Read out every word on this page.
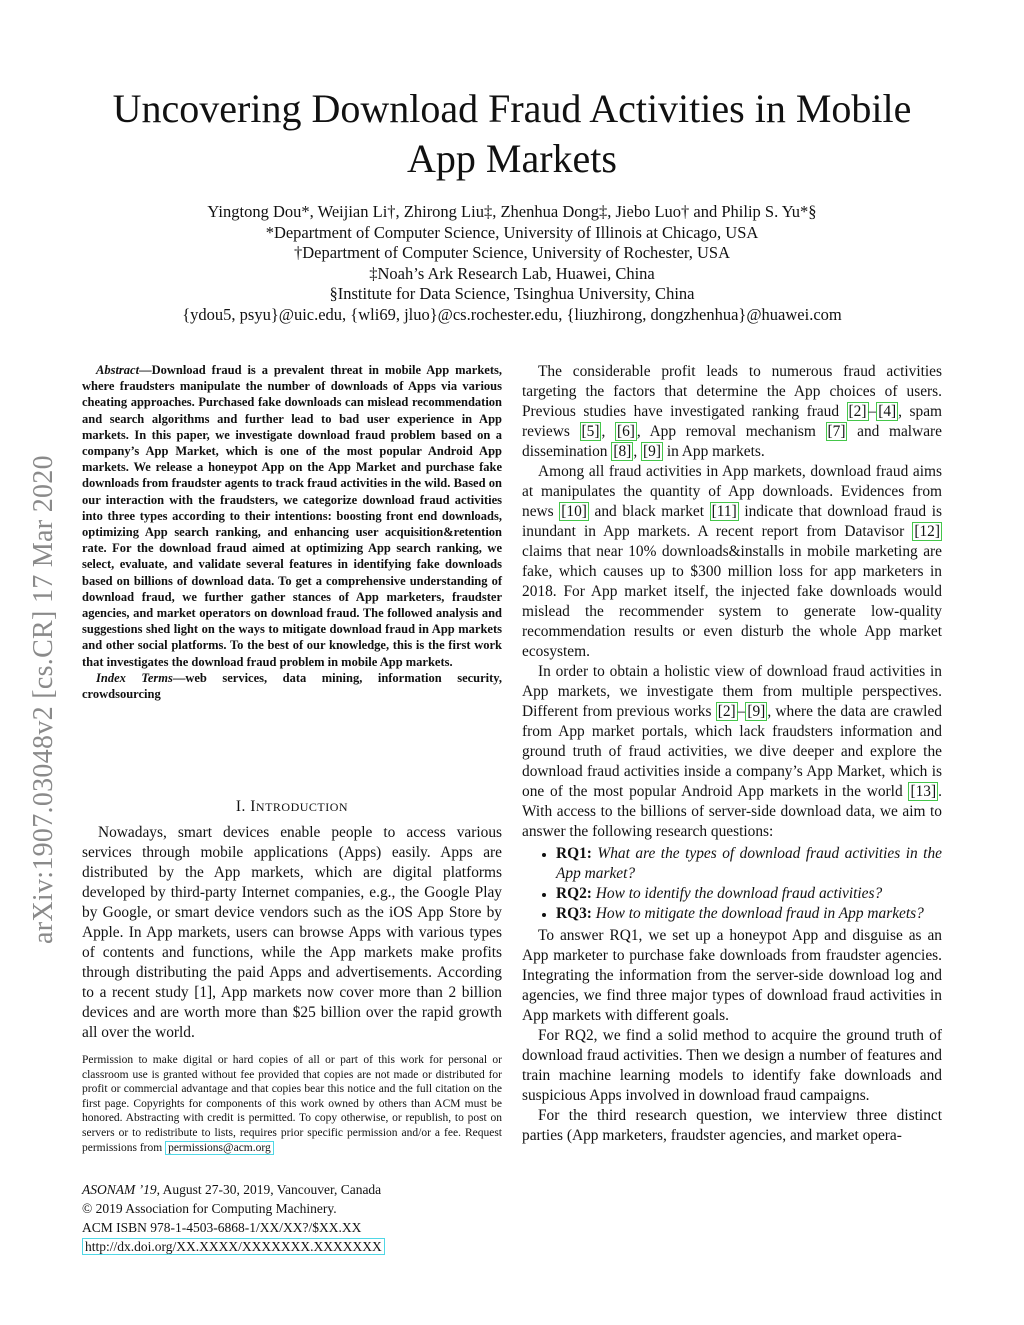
arXiv:1907.03048v2 [cs.CR] 17 Mar 2020
Uncovering Download Fraud Activities in Mobile
App Markets
Yingtong Dou*, Weijian Li†, Zhirong Liu‡, Zhenhua Dong‡, Jiebo Luo† and Philip S. Yu*§
*Department of Computer Science, University of Illinois at Chicago, USA
†Department of Computer Science, University of Rochester, USA
‡Noah’s Ark Research Lab, Huawei, China
§Institute for Data Science, Tsinghua University, China
{ydou5, psyu}@uic.edu, {wli69, jluo}@cs.rochester.edu, {liuzhirong, dongzhenhua}@huawei.com

Abstract—Download fraud is a prevalent threat in mobile App markets, where fraudsters manipulate the number of downloads of Apps via various cheating approaches. Purchased fake downloads can mislead recommendation and search algorithms and further lead to bad user experience in App markets. In this paper, we investigate download fraud problem based on a company’s App Market, which is one of the most popular Android App markets. We release a honeypot App on the App Market and purchase fake downloads from fraudster agents to track fraud activities in the wild. Based on our interaction with the fraudsters, we categorize download fraud activities into three types according to their intentions: boosting front end downloads, optimizing App search ranking, and enhancing user acquisition&retention rate. For the download fraud aimed at optimizing App search ranking, we select, evaluate, and validate several features in identifying fake downloads based on billions of download data. To get a comprehensive understanding of download fraud, we further gather stances of App marketers, fraudster agencies, and market operators on download fraud. The followed analysis and suggestions shed light on the ways to mitigate download fraud in App markets and other social platforms. To the best of our knowledge, this is the first work that investigates the download fraud problem in mobile App markets.

Index Terms—web services, data mining, information security, crowdsourcing

I. INTRODUCTION

Nowadays, smart devices enable people to access various services through mobile applications (Apps) easily. Apps are distributed by the App markets, which are digital platforms developed by third-party Internet companies, e.g., the Google Play by Google, or smart device vendors such as the iOS App Store by Apple. In App markets, users can browse Apps with various types of contents and functions, while the App markets make profits through distributing the paid Apps and advertisements. According to a recent study [1], App markets now cover more than 2 billion devices and are worth more than $25 billion over the rapid growth all over the world.

Permission to make digital or hard copies of all or part of this work for personal or classroom use is granted without fee provided that copies are not made or distributed for profit or commercial advantage and that copies bear this notice and the full citation on the first page. Copyrights for components of this work owned by others than ACM must be honored. Abstracting with credit is permitted. To copy otherwise, or republish, to post on servers or to redistribute to lists, requires prior specific permission and/or a fee. Request permissions from permissions@acm.org
ASONAM ’19, August 27-30, 2019, Vancouver, Canada
© 2019 Association for Computing Machinery.
ACM ISBN 978-1-4503-6868-1/XX/XX?/$XX.XX
http://dx.doi.org/XX.XXXX/XXXXXXX.XXXXXXX

The considerable profit leads to numerous fraud activities targeting the factors that determine the App choices of users. Previous studies have investigated ranking fraud [2] – [4] , spam reviews [5] , [6] , App removal mechanism [7] and malware dissemination [8] , [9] in App markets.

Among all fraud activities in App markets, download fraud aims at manipulates the quantity of App downloads. Evidences from news [10] and black market [11] indicate that download fraud is inundant in App markets. A recent report from Datavisor [12] claims that near 10% downloads&installs in mobile marketing are fake, which causes up to $300 million loss for app marketers in 2018. For App market itself, the injected fake downloads would mislead the recommender system to generate low-quality recommendation results or even disturb the whole App market ecosystem.

In order to obtain a holistic view of download fraud activities in App markets, we investigate them from multiple perspectives. Different from previous works [2] – [9] , where the data are crawled from App market portals, which lack fraudsters information and ground truth of fraud activities, we dive deeper and explore the download fraud activities inside a company’s App Market, which is one of the most popular Android App markets in the world [13] . With access to the billions of server-side download data, we aim to answer the following research questions:

• RQ1: What are the types of download fraud activities in the App market?
• RQ2: How to identify the download fraud activities?
• RQ3: How to mitigate the download fraud in App markets?

To answer RQ1, we set up a honeypot App and disguise as an App marketer to purchase fake downloads from fraudster agencies. Integrating the information from the server-side download log and agencies, we find three major types of download fraud activities in App markets with different goals.

For RQ2, we find a solid method to acquire the ground truth of download fraud activities. Then we design a number of features and train machine learning models to identify fake downloads and suspicious Apps involved in download fraud campaigns.

For the third research question, we interview three distinct parties (App marketers, fraudster agencies, and market opera-
